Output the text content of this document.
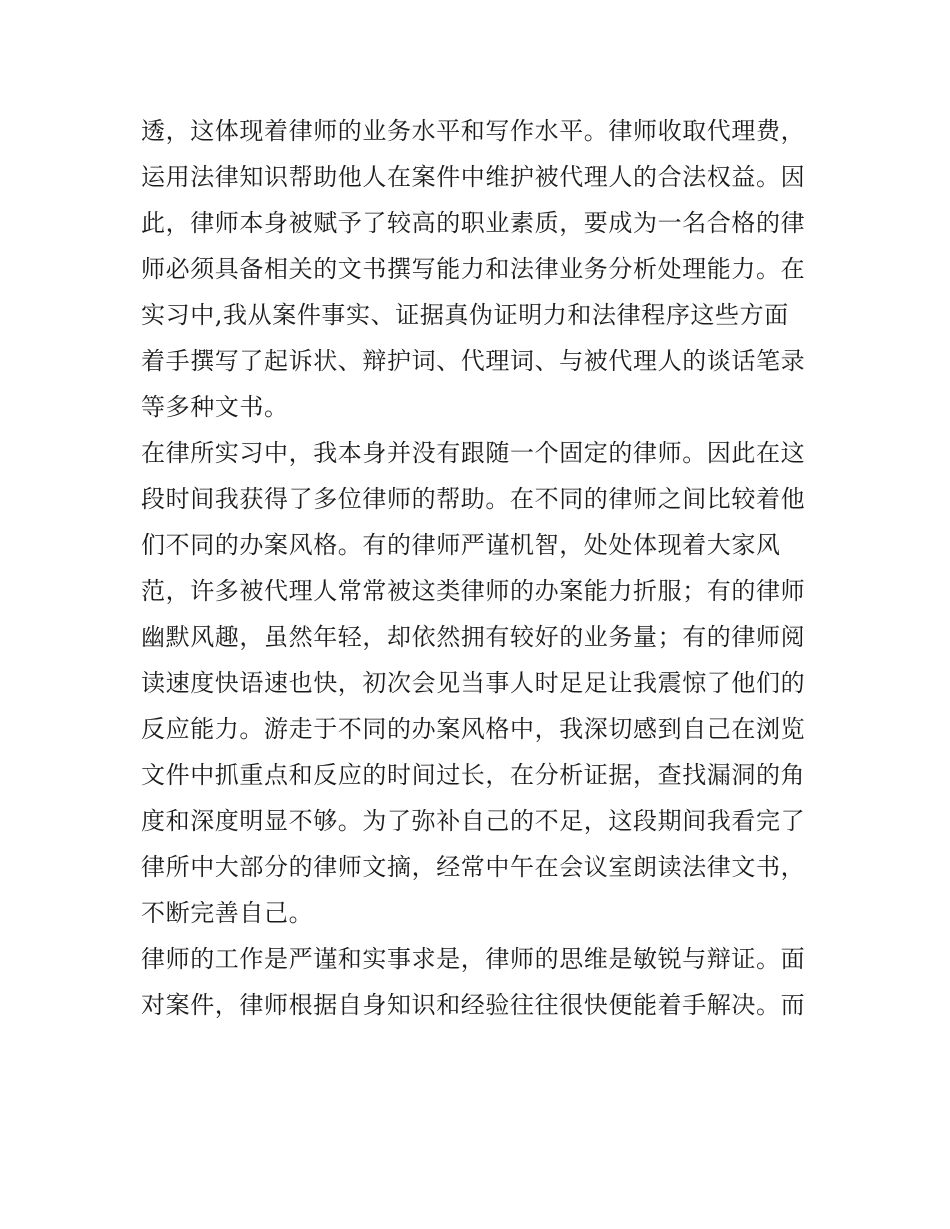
透，这体现着律师的业务水平和写作水平。律师收取代理费，
运用法律知识帮助他人在案件中维护被代理人的合法权益。因
此，律师本身被赋予了较高的职业素质，要成为一名合格的律
师必须具备相关的文书撰写能力和法律业务分析处理能力。在
实习中,我从案件事实、证据真伪证明力和法律程序这些方面
着手撰写了起诉状、辩护词、代理词、与被代理人的谈话笔录
等多种文书。
在律所实习中，我本身并没有跟随一个固定的律师。因此在这
段时间我获得了多位律师的帮助。在不同的律师之间比较着他
们不同的办案风格。有的律师严谨机智，处处体现着大家风
范，许多被代理人常常被这类律师的办案能力折服；有的律师
幽默风趣，虽然年轻，却依然拥有较好的业务量；有的律师阅
读速度快语速也快，初次会见当事人时足足让我震惊了他们的
反应能力。游走于不同的办案风格中，我深切感到自己在浏览
文件中抓重点和反应的时间过长，在分析证据，查找漏洞的角
度和深度明显不够。为了弥补自己的不足，这段期间我看完了
律所中大部分的律师文摘，经常中午在会议室朗读法律文书，
不断完善自己。
律师的工作是严谨和实事求是，律师的思维是敏锐与辩证。面
对案件，律师根据自身知识和经验往往很快便能着手解决。而
